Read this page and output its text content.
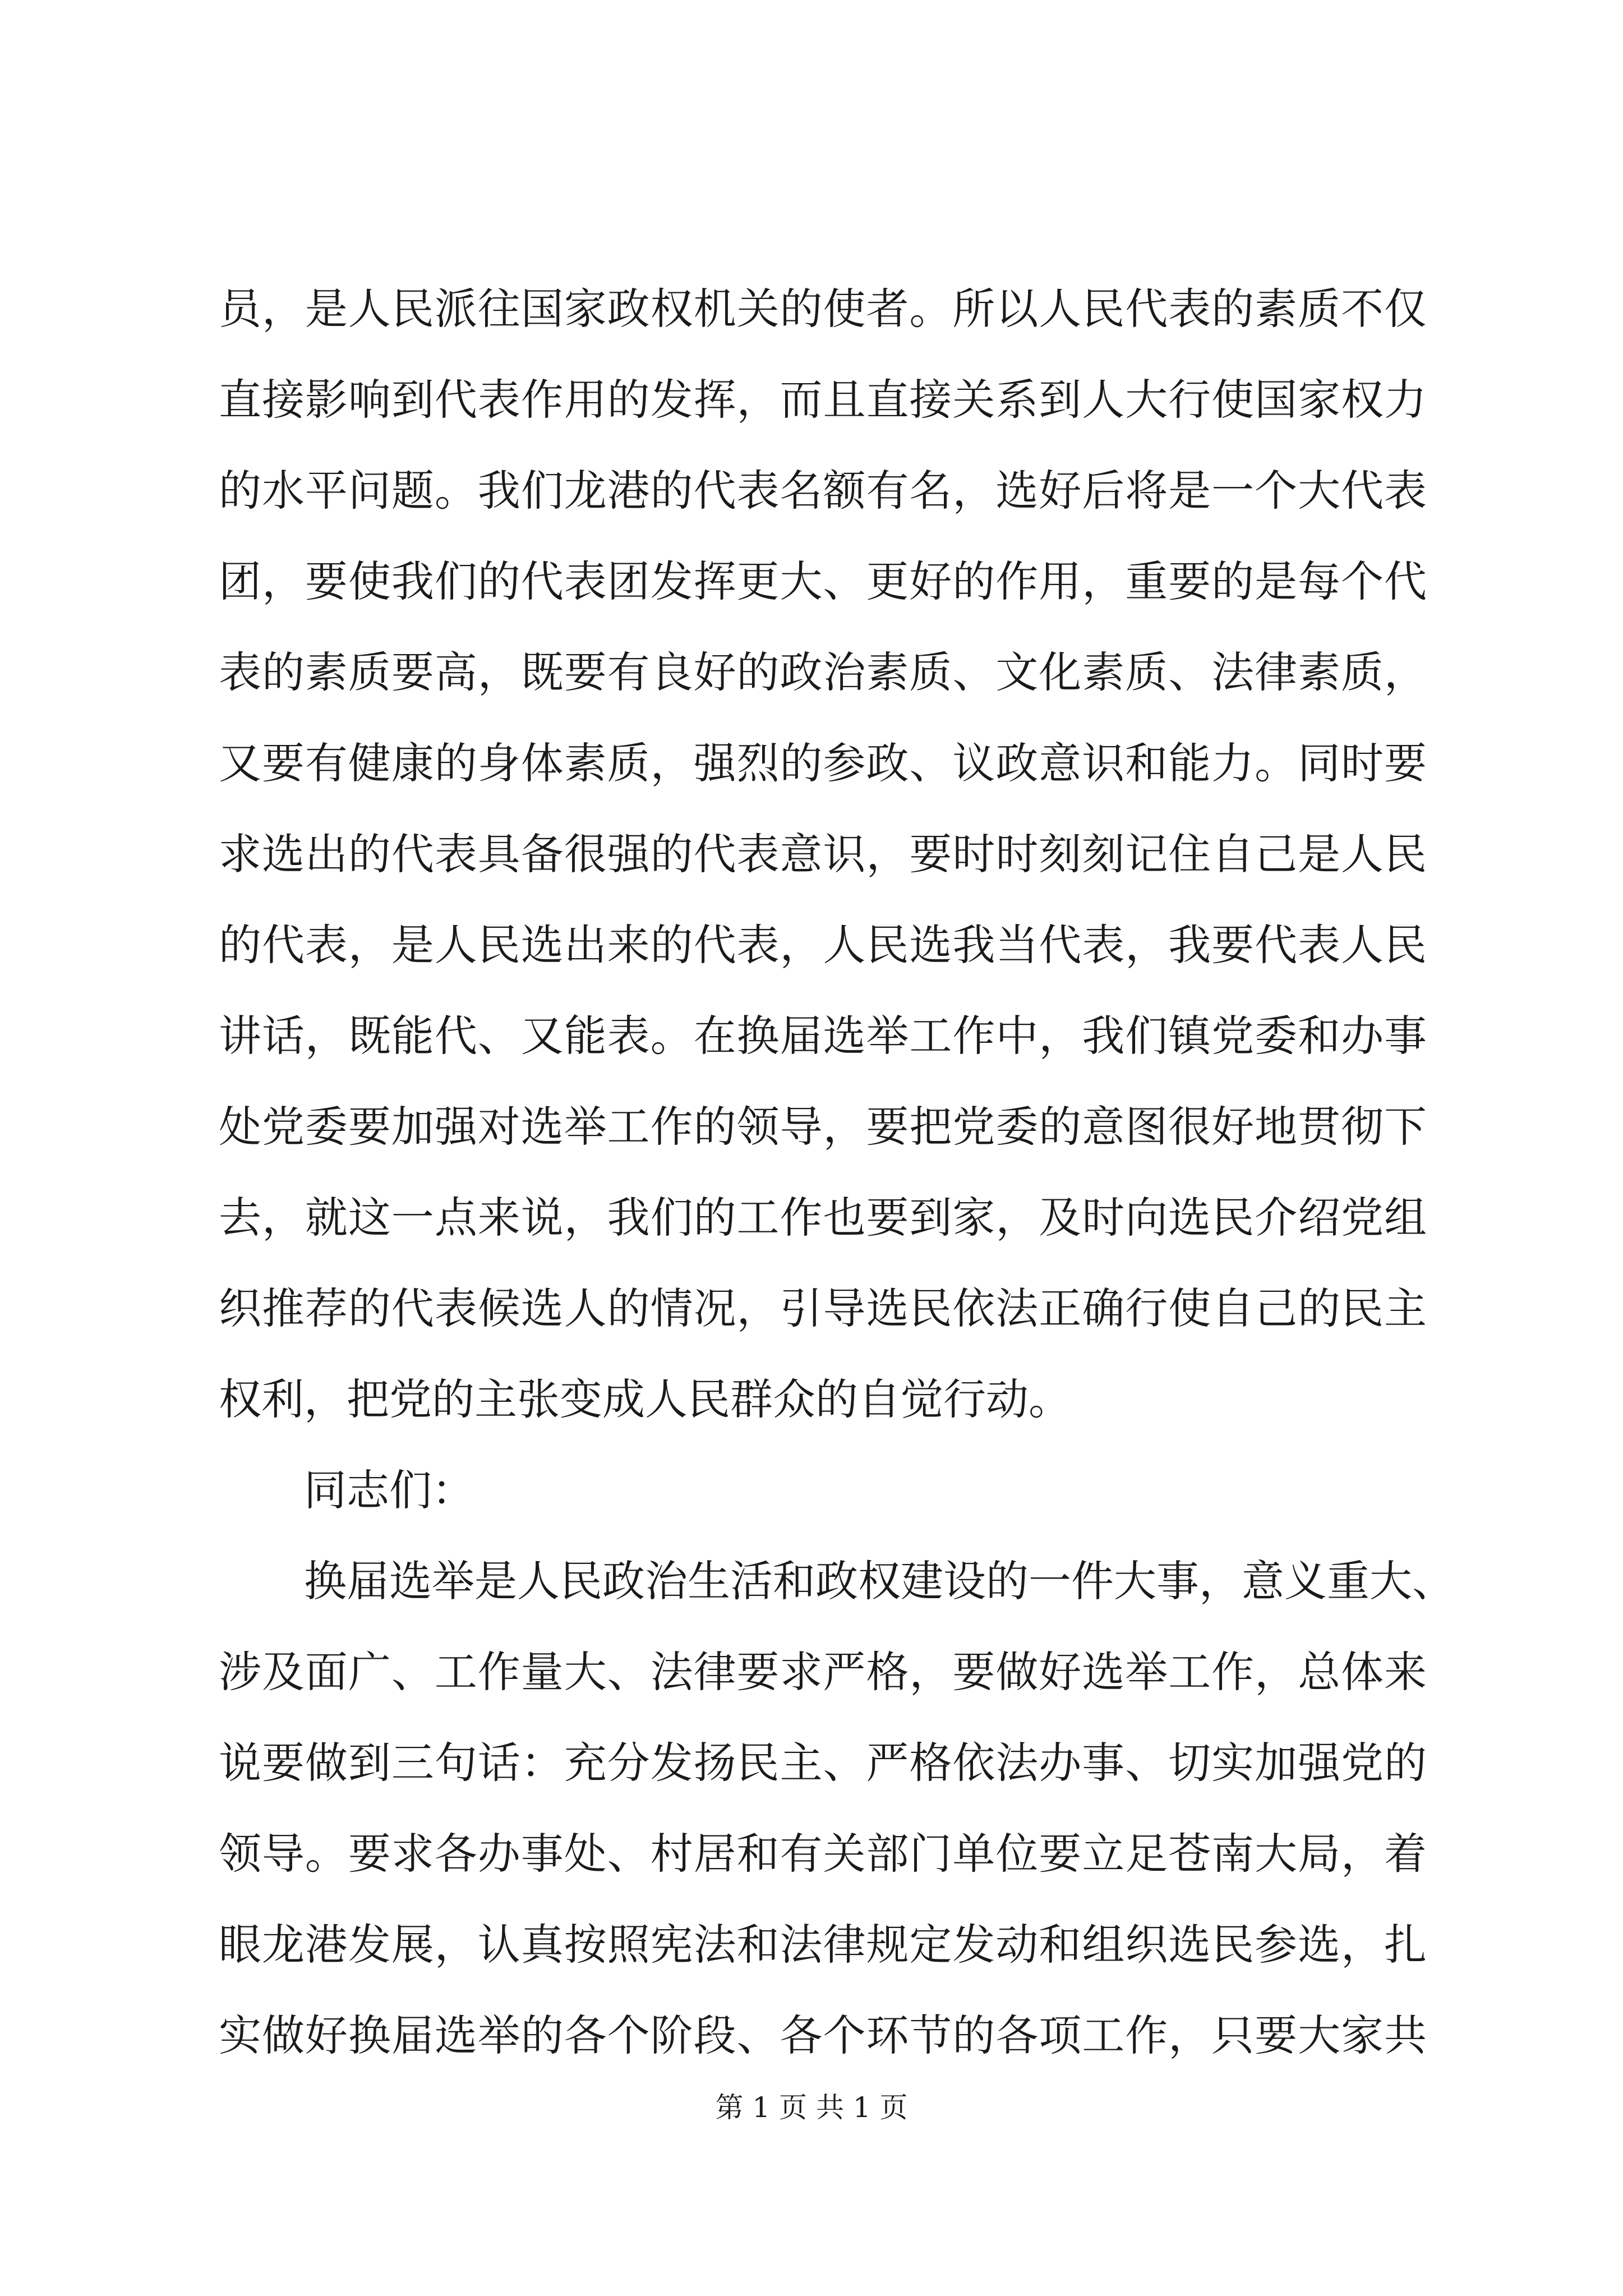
员，是人民派往国家政权机关的使者。所以人民代表的素质不仅
直接影响到代表作用的发挥，而且直接关系到人大行使国家权力
的水平问题。我们龙港的代表名额有名，选好后将是一个大代表
团，要使我们的代表团发挥更大、更好的作用，重要的是每个代
表的素质要高，既要有良好的政治素质、文化素质、法律素质，
又要有健康的身体素质，强烈的参政、议政意识和能力。同时要
求选出的代表具备很强的代表意识，要时时刻刻记住自己是人民
的代表，是人民选出来的代表，人民选我当代表，我要代表人民
讲话，既能代、又能表。在换届选举工作中，我们镇党委和办事
处党委要加强对选举工作的领导，要把党委的意图很好地贯彻下
去，就这一点来说，我们的工作也要到家，及时向选民介绍党组
织推荐的代表候选人的情况，引导选民依法正确行使自己的民主
权利，把党的主张变成人民群众的自觉行动。
同志们：
换届选举是人民政治生活和政权建设的一件大事，意义重大、
涉及面广、工作量大、法律要求严格，要做好选举工作，总体来
说要做到三句话：充分发扬民主、严格依法办事、切实加强党的
领导。要求各办事处、村居和有关部门单位要立足苍南大局，着
眼龙港发展，认真按照宪法和法律规定发动和组织选民参选，扎
实做好换届选举的各个阶段、各个环节的各项工作，只要大家共
第 1 页 共 1 页
